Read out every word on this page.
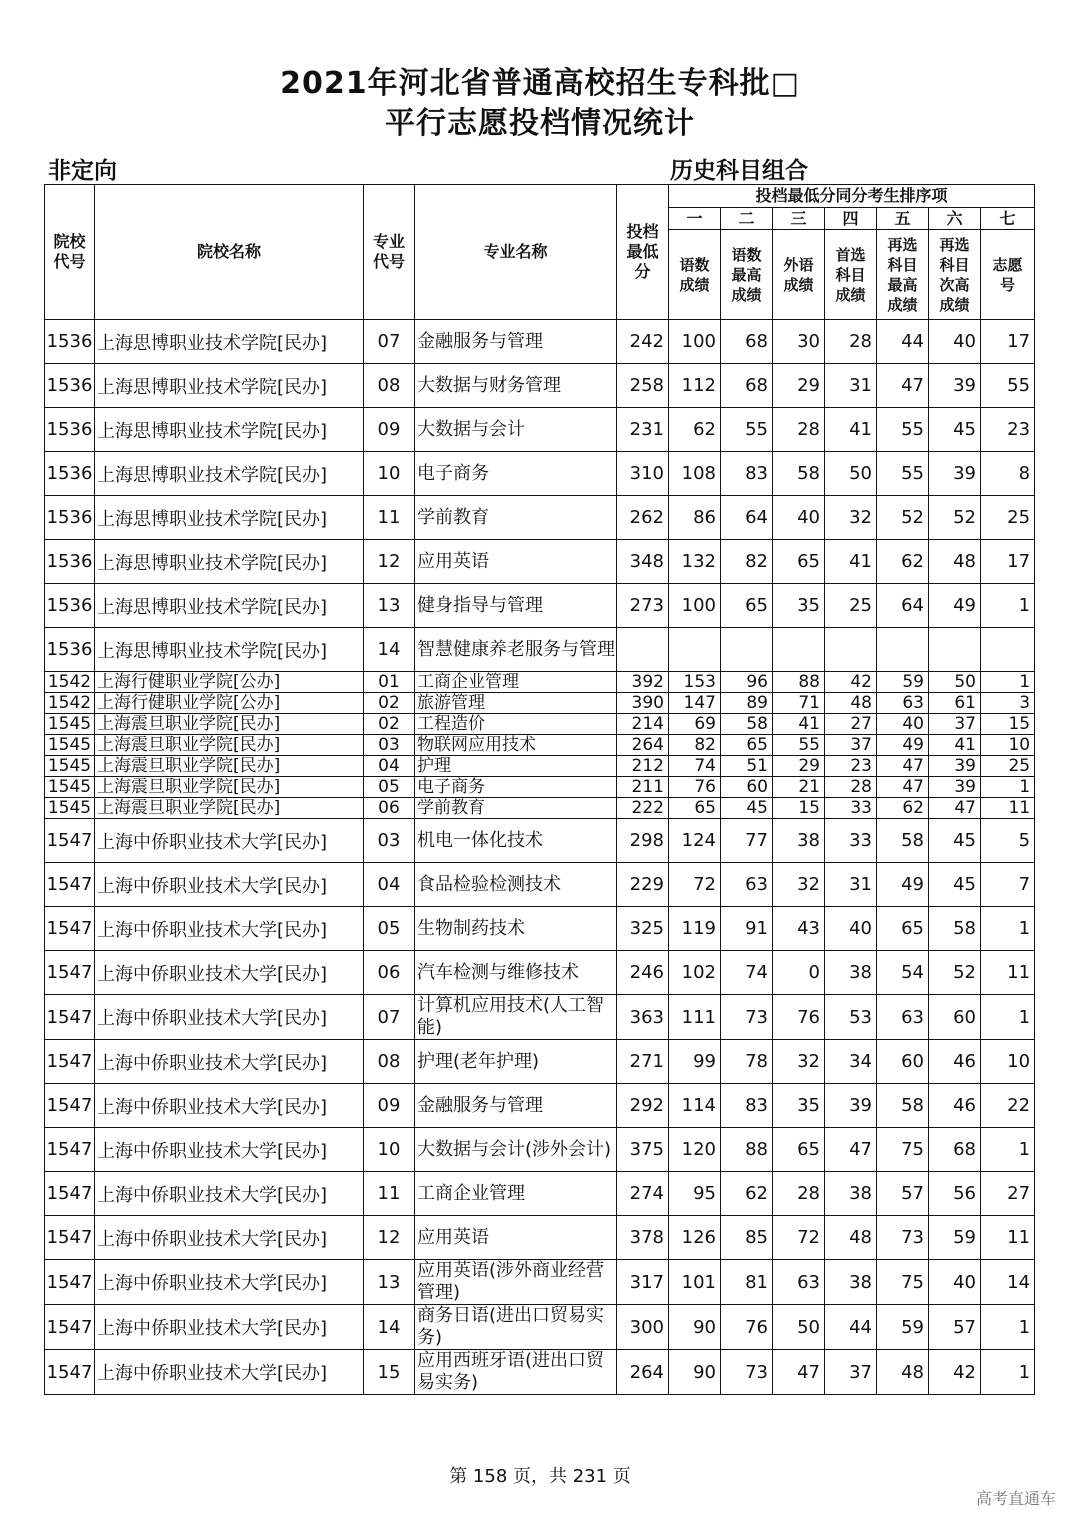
2021年河北省普通高校招生专科批□
平行志愿投档情况统计
非定向	历史科目组合
院校代号	院校名称	专业代号	专业名称	投档最低分	投档最低分同分考生排序项						
					一	二	三	四	五	六	七
					语数成绩	语数最高成绩	外语成绩	首选科目成绩	再选科目最高成绩	再选科目次高成绩	志愿号
1536	上海思博职业技术学院[民办]	07	金融服务与管理	242	100	68	30	28	44	40	17
1536	上海思博职业技术学院[民办]	08	大数据与财务管理	258	112	68	29	31	47	39	55
1536	上海思博职业技术学院[民办]	09	大数据与会计	231	62	55	28	41	55	45	23
1536	上海思博职业技术学院[民办]	10	电子商务	310	108	83	58	50	55	39	8
1536	上海思博职业技术学院[民办]	11	学前教育	262	86	64	40	32	52	52	25
1536	上海思博职业技术学院[民办]	12	应用英语	348	132	82	65	41	62	48	17
1536	上海思博职业技术学院[民办]	13	健身指导与管理	273	100	65	35	25	64	49	1
1536	上海思博职业技术学院[民办]	14	智慧健康养老服务与管理								
1542	上海行健职业学院[公办]	01	工商企业管理	392	153	96	88	42	59	50	1
1542	上海行健职业学院[公办]	02	旅游管理	390	147	89	71	48	63	61	3
1545	上海震旦职业学院[民办]	02	工程造价	214	69	58	41	27	40	37	15
1545	上海震旦职业学院[民办]	03	物联网应用技术	264	82	65	55	37	49	41	10
1545	上海震旦职业学院[民办]	04	护理	212	74	51	29	23	47	39	25
1545	上海震旦职业学院[民办]	05	电子商务	211	76	60	21	28	47	39	1
1545	上海震旦职业学院[民办]	06	学前教育	222	65	45	15	33	62	47	11
1547	上海中侨职业技术大学[民办]	03	机电一体化技术	298	124	77	38	33	58	45	5
1547	上海中侨职业技术大学[民办]	04	食品检验检测技术	229	72	63	32	31	49	45	7
1547	上海中侨职业技术大学[民办]	05	生物制药技术	325	119	91	43	40	65	58	1
1547	上海中侨职业技术大学[民办]	06	汽车检测与维修技术	246	102	74	0	38	54	52	11
1547	上海中侨职业技术大学[民办]	07	计算机应用技术(人工智能)	363	111	73	76	53	63	60	1
1547	上海中侨职业技术大学[民办]	08	护理(老年护理)	271	99	78	32	34	60	46	10
1547	上海中侨职业技术大学[民办]	09	金融服务与管理	292	114	83	35	39	58	46	22
1547	上海中侨职业技术大学[民办]	10	大数据与会计(涉外会计)	375	120	88	65	47	75	68	1
1547	上海中侨职业技术大学[民办]	11	工商企业管理	274	95	62	28	38	57	56	27
1547	上海中侨职业技术大学[民办]	12	应用英语	378	126	85	72	48	73	59	11
1547	上海中侨职业技术大学[民办]	13	应用英语(涉外商业经营管理)	317	101	81	63	38	75	40	14
1547	上海中侨职业技术大学[民办]	14	商务日语(进出口贸易实务)	300	90	76	50	44	59	57	1
1547	上海中侨职业技术大学[民办]	15	应用西班牙语(进出口贸易实务)	264	90	73	47	37	48	42	1
第 158 页，共 231 页
高考直通车
